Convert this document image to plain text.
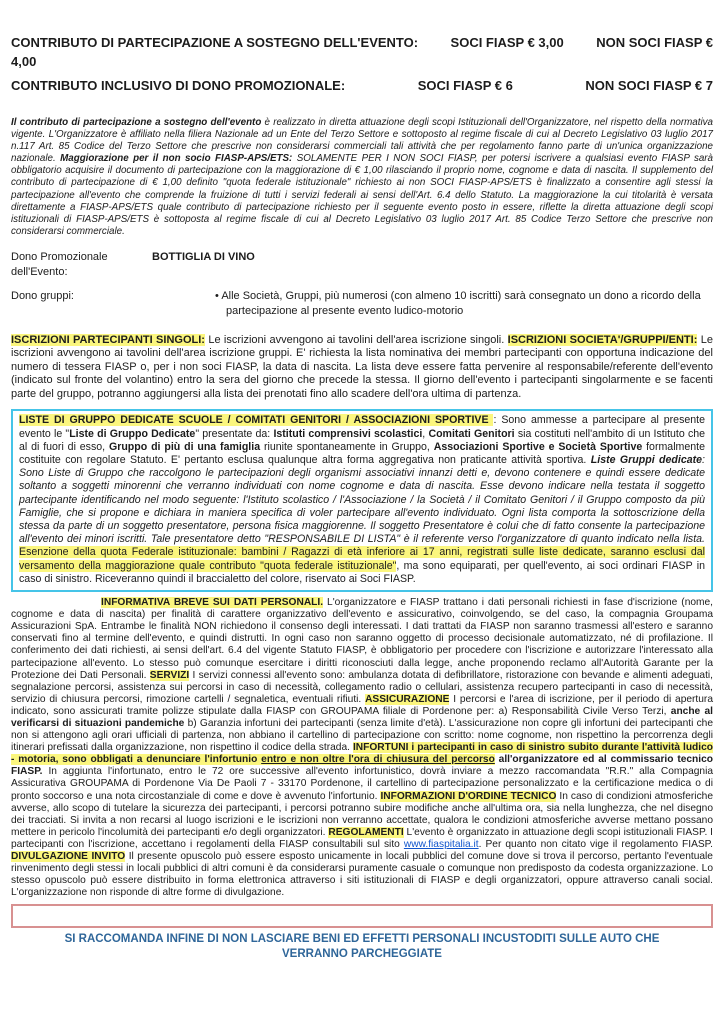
CONTRIBUTO DI PARTECIPAZIONE A SOSTEGNO DELL'EVENTO: SOCI FIASP € 3,00 NON SOCI FIASP €
4,00
CONTRIBUTO INCLUSIVO DI DONO PROMOZIONALE:	SOCI FIASP € 6	NON SOCI FIASP € 7

Il contributo di partecipazione a sostegno dell'evento è realizzato in diretta attuazione degli scopi Istituzionali dell'Organizzatore, nel rispetto della normativa vigente. L'Organizzatore è affiliato nella filiera Nazionale ad un Ente del Terzo Settore e sottoposto al regime fiscale di cui al Decreto Legislativo 03 luglio 2017 n.117 Art. 85 Codice del Terzo Settore che prescrive non considerarsi commerciali tali attività che per regolamento fanno parte di un'unica organizzazione nazionale. Maggiorazione per il non socio FIASP-APS/ETS: SOLAMENTE PER I NON SOCI FIASP, per potersi iscrivere a qualsiasi evento FIASP sarà obbligatorio acquisire il documento di partecipazione con la maggiorazione di € 1,00 rilasciando il proprio nome, cognome e data di nascita. Il supplemento del contributo di partecipazione di € 1,00 definito "quota federale istituzionale" richiesto ai non SOCI FIASP-APS/ETS è finalizzato a consentire agli stessi la partecipazione all'evento che comprende la fruizione di tutti i servizi federali ai sensi dell'Art. 6.4 dello Statuto. La maggiorazione la cui titolarità è versata direttamente a FIASP-APS/ETS quale contributo di partecipazione richiesto per il seguente evento posto in essere, riflette la diretta attuazione degli scopi istituzionali di FIASP-APS/ETS è sottoposta al regime fiscale di cui al Decreto Legislativo 03 luglio 2017 Art. 85 Codice Terzo Settore che prescrive non considerarsi commerciale.

Dono Promozionale dell'Evento:
BOTTIGLIA DI VINO
Dono gruppi:	• Alle Società, Gruppi, più numerosi (con almeno 10 iscritti) sarà consegnato un dono a ricordo della partecipazione al presente evento ludico-motorio

ISCRIZIONI PARTECIPANTI SINGOLI: Le iscrizioni avvengono ai tavolini dell'area iscrizione singoli. ISCRIZIONI SOCIETA'/GRUPPI/ENTI: Le iscrizioni avvengono ai tavolini dell'area iscrizione gruppi. E' richiesta la lista nominativa dei membri partecipanti con opportuna indicazione del numero di tessera FIASP o, per i non soci FIASP, la data di nascita. La lista deve essere fatta pervenire al responsabile/referente dell'evento (indicato sul fronte del volantino) entro la sera del giorno che precede la stessa. Il giorno dell'evento i partecipanti singolarmente e se facenti parte del gruppo, potranno aggiungersi alla lista dei prenotati fino allo scadere dell'ora ultima di partenza.

LISTE DI GRUPPO DEDICATE SCUOLE / COMITATI GENITORI / ASSOCIAZIONI SPORTIVE : Sono ammesse a partecipare al presente evento le "Liste di Gruppo Dedicate" presentate da: Istituti comprensivi scolastici, Comitati Genitori sia costituti nell'ambito di un Istituto che al di fuori di esso, Gruppo di più di una famiglia riunite spontaneamente in Gruppo, Associazioni Sportive e Società Sportive formalmente costituite con regolare Statuto. E' pertanto esclusa qualunque altra forma aggregativa non praticante attività sportiva. Liste Gruppi dedicate: Sono Liste di Gruppo che raccolgono le partecipazioni degli organismi associativi innanzi detti e, devono contenere e quindi essere dedicate soltanto a soggetti minorenni che verranno individuati con nome cognome e data di nascita. Esse devono indicare nella testata il soggetto partecipante identificando nel modo seguente: l'Istituto scolastico / l'Associazione / la Società / il Comitato Genitori / il Gruppo composto da più Famiglie, che si propone e dichiara in maniera specifica di voler partecipare all'evento individuato. Ogni lista comporta la sottoscrizione della stessa da parte di un soggetto presentatore, persona fisica maggiorenne. Il soggetto Presentatore è colui che di fatto consente la partecipazione all'evento dei minori iscritti. Tale presentatore detto "RESPONSABILE DI LISTA" è il referente verso l'organizzatore di quanto indicato nella lista. Esenzione della quota Federale istituzionale: bambini / Ragazzi di età inferiore ai 17 anni, registrati sulle liste dedicate, saranno esclusi dal versamento della maggiorazione quale contributo "quota federale istituzionale", ma sono equiparati, per quell'evento, ai soci ordinari FIASP in caso di sinistro. Riceveranno quindi il braccialetto del colore, riservato ai Soci FIASP.

INFORMATIVA BREVE SUI DATI PERSONALI. L'organizzatore e FIASP trattano i dati personali richiesti in fase d'iscrizione (nome, cognome e data di nascita) per finalità di carattere organizzativo dell'evento e assicurativo, coinvolgendo, se del caso, la compagnia Groupama Assicurazioni SpA. Entrambe le finalità NON richiedono il consenso degli interessati. I dati trattati da FIASP non saranno trasmessi all'estero e saranno conservati fino al termine dell'evento, e quindi distrutti. In ogni caso non saranno oggetto di processo decisionale automatizzato, né di profilazione. Il conferimento dei dati richiesti, ai sensi dell'art. 6.4 del vigente Statuto FIASP, è obbligatorio per procedere con l'iscrizione e autorizzare l'interessato alla partecipazione all'evento. Lo stesso può comunque esercitare i diritti riconosciuti dalla legge, anche proponendo reclamo all'Autorità Garante per la Protezione dei Dati Personali. SERVIZI I servizi connessi all'evento sono: ambulanza dotata di defibrillatore, ristorazione con bevande e alimenti adeguati, segnalazione percorsi, assistenza sui percorsi in caso di necessità, collegamento radio o cellulari, assistenza recupero partecipanti in caso di necessità, servizio di chiusura percorsi, rimozione cartelli / segnaletica, eventuali rifiuti. ASSICURAZIONE I percorsi e l'area di iscrizione, per il periodo di apertura indicato, sono assicurati tramite polizze stipulate dalla FIASP con GROUPAMA filiale di Pordenone per: a) Responsabilità Civile Verso Terzi, anche al verificarsi di situazioni pandemiche b) Garanzia infortuni dei partecipanti (senza limite d'età). L'assicurazione non copre gli infortuni dei partecipanti che non si attengono agli orari ufficiali di partenza, non abbiano il cartellino di partecipazione con scritto: nome cognome, non rispettino la percorrenza degli itinerari prefissati dalla organizzazione, non rispettino il codice della strada. INFORTUNI i partecipanti in caso di sinistro subito durante l'attività ludico - motoria, sono obbligati a denunciare l'infortunio entro e non oltre l'ora di chiusura del percorso all'organizzatore ed al commissario tecnico FIASP. In aggiunta l'infortunato, entro le 72 ore successive all'evento infortunistico, dovrà inviare a mezzo raccomandata "R.R." alla Compagnia Assicurativa GROUPAMA di Pordenone Via De Paoli 7 - 33170 Pordenone, il cartellino di partecipazione personalizzato e la certificazione medica o di pronto soccorso e una nota circostanziale di come e dove è avvenuto l'infortunio. INFORMAZIONI D'ORDINE TECNICO In caso di condizioni atmosferiche avverse, allo scopo di tutelare la sicurezza dei partecipanti, i percorsi potranno subire modifiche anche all'ultima ora, sia nella lunghezza, che nel disegno dei tracciati. Si invita a non recarsi al luogo iscrizioni e le iscrizioni non verranno accettate, qualora le condizioni atmosferiche avverse mettano possano mettere in pericolo l'incolumità dei partecipanti e/o degli organizzatori. REGOLAMENTI L'evento è organizzato in attuazione degli scopi istituzionali FIASP. I partecipanti con l'iscrizione, accettano i regolamenti della FIASP consultabili sul sito www.fiaspitalia.it. Per quanto non citato vige il regolamento FIASP. DIVULGAZIONE INVITO Il presente opuscolo può essere esposto unicamente in locali pubblici del comune dove si trova il percorso, pertanto l'eventuale rinvenimento degli stessi in locali pubblici di altri comuni è da considerarsi puramente casuale o comunque non predisposto da codesta organizzazione. Lo stesso opuscolo può essere distribuito in forma elettronica attraverso i siti istituzionali di FIASP e degli organizzatori, oppure attraverso canali social. L'organizzazione non risponde di altre forme di divulgazione.

SI RACCOMANDA INFINE DI NON LASCIARE BENI ED EFFETTI PERSONALI INCUSTODITI SULLE AUTO CHE VERRANNO PARCHEGGIATE
